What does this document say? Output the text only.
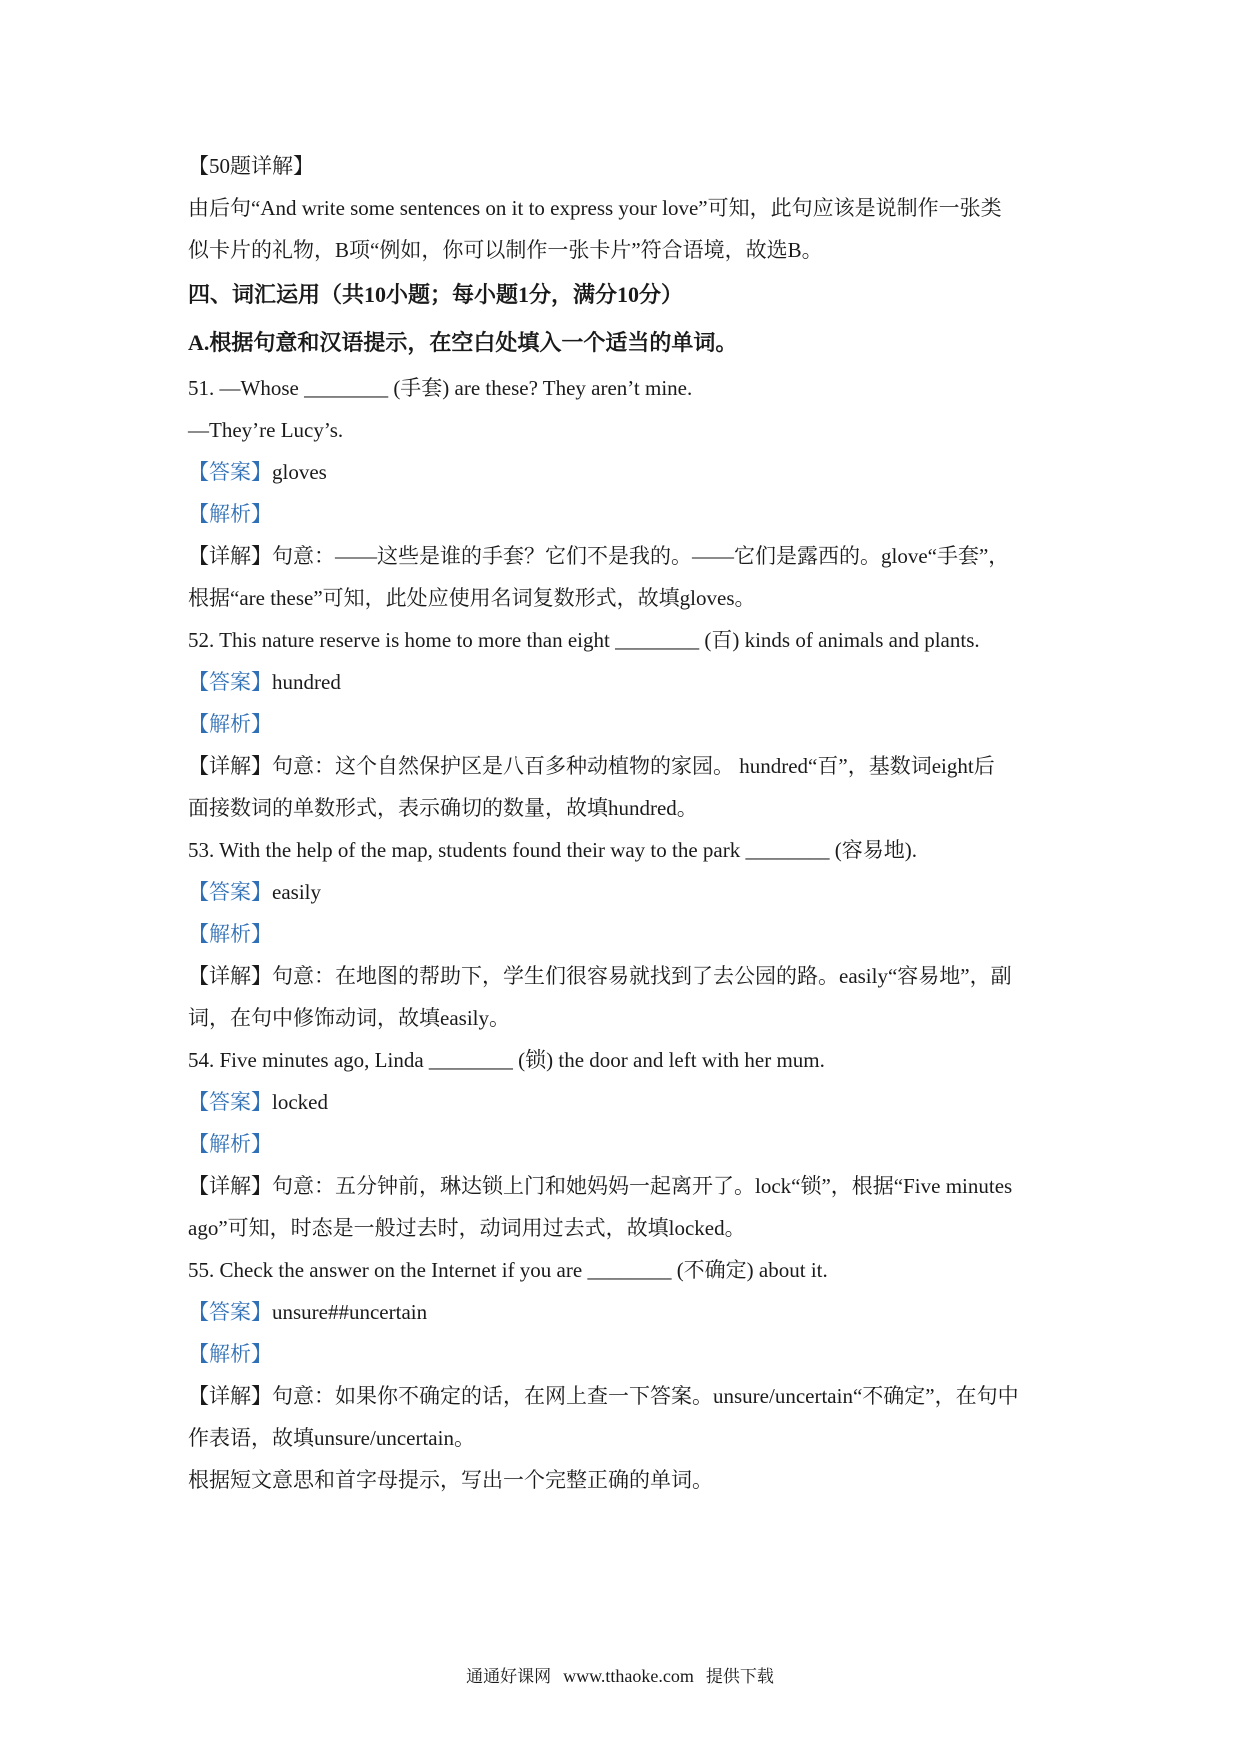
【50题详解】
由后句“And write some sentences on it to express your love”可知，此句应该是说制作一张类
似卡片的礼物，B项“例如，你可以制作一张卡片”符合语境，故选B。
四、词汇运用（共10小题；每小题1分，满分10分）
A.根据句意和汉语提示，在空白处填入一个适当的单词。
51. —Whose ________ (手套) are these? They aren’t mine.
—They’re Lucy’s.
【答案】gloves
【解析】
【详解】句意：——这些是谁的手套？它们不是我的。——它们是露西的。glove“手套”，
根据“are these”可知，此处应使用名词复数形式，故填gloves。
52. This nature reserve is home to more than eight ________ (百) kinds of animals and plants.
【答案】hundred
【解析】
【详解】句意：这个自然保护区是八百多种动植物的家园。 hundred“百”，基数词eight后
面接数词的单数形式，表示确切的数量，故填hundred。
53. With the help of the map, students found their way to the park ________ (容易地).
【答案】easily
【解析】
【详解】句意：在地图的帮助下，学生们很容易就找到了去公园的路。easily“容易地”，副
词，在句中修饰动词，故填easily。
54. Five minutes ago, Linda ________ (锁) the door and left with her mum.
【答案】locked
【解析】
【详解】句意：五分钟前，琳达锁上门和她妈妈一起离开了。lock“锁”，根据“Five minutes
ago”可知，时态是一般过去时，动词用过去式，故填locked。
55. Check the answer on the Internet if you are ________ (不确定) about it.
【答案】unsure##uncertain
【解析】
【详解】句意：如果你不确定的话，在网上查一下答案。unsure/uncertain“不确定”，在句中
作表语，故填unsure/uncertain。
根据短文意思和首字母提示，写出一个完整正确的单词。
通通好课网 www.tthaoke.com 提供下载
